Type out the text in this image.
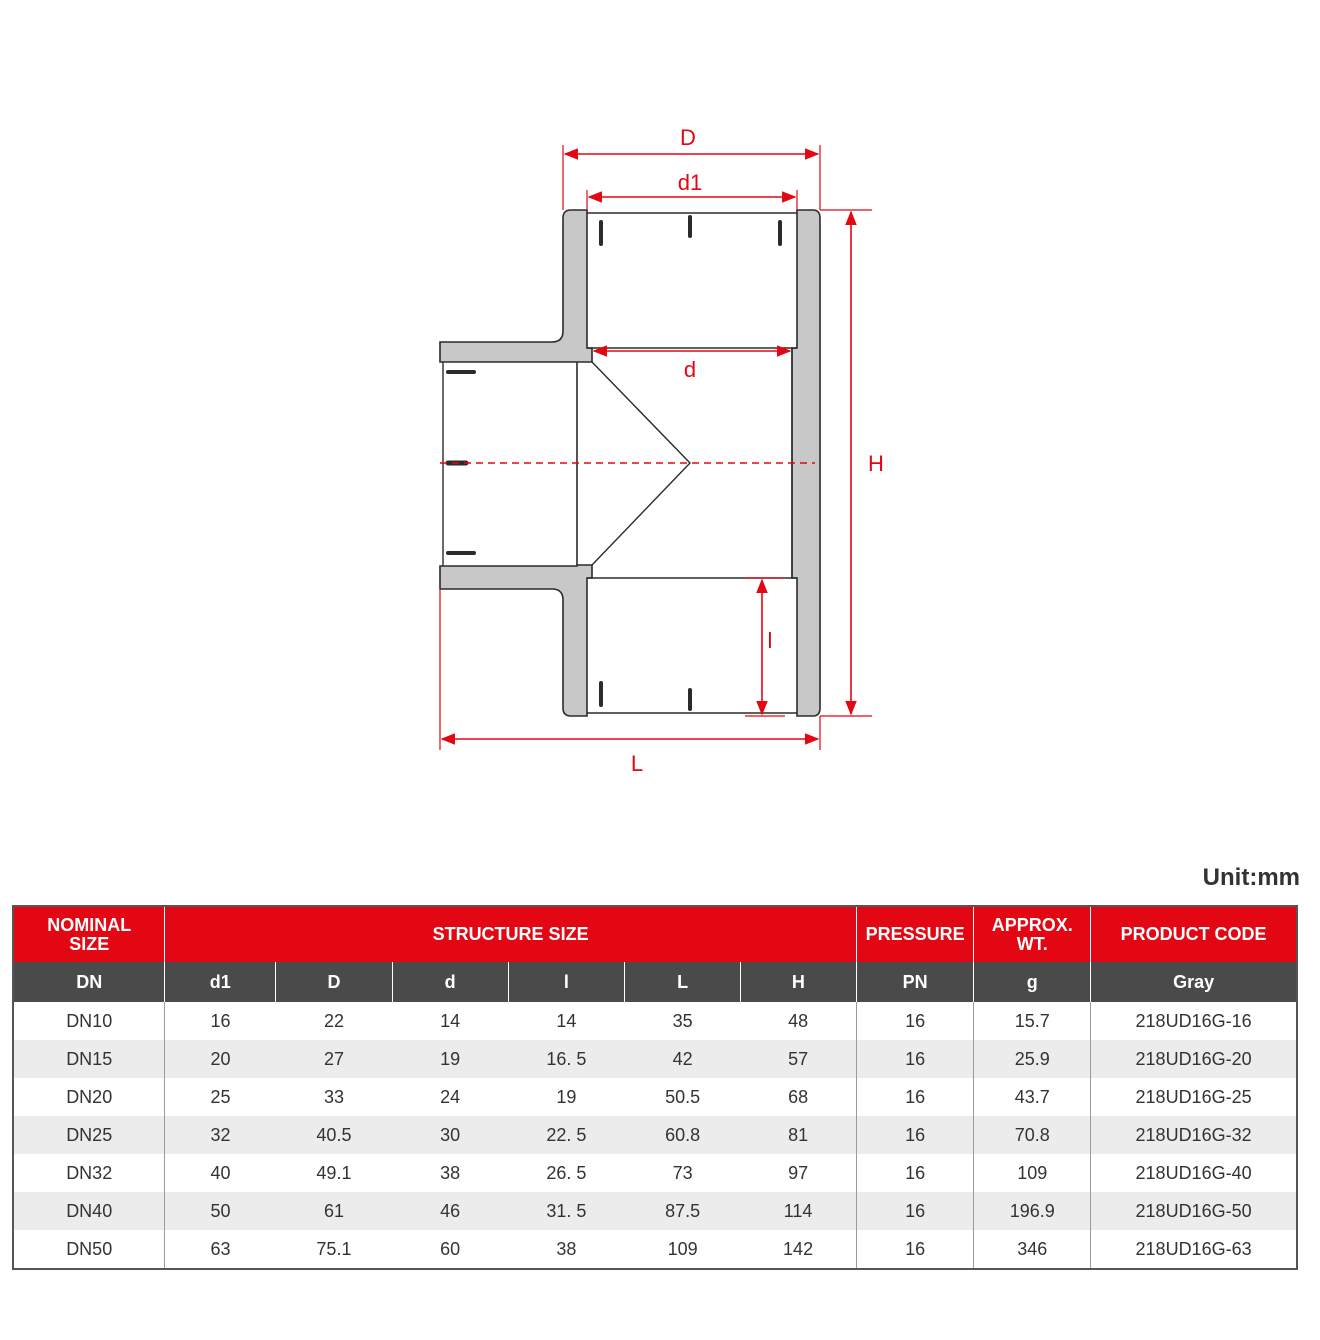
D
d1
d
H
l
L
Unit:mm
NOMINAL SIZE	STRUCTURE SIZE						PRESSURE	APPROX. WT.	PRODUCT CODE
DN	d1	D	d	l	L	H	PN	g	Gray
DN10	16	22	14	14	35	48	16	15.7	218UD16G-16
DN15	20	27	19	16. 5	42	57	16	25.9	218UD16G-20
DN20	25	33	24	19	50.5	68	16	43.7	218UD16G-25
DN25	32	40.5	30	22. 5	60.8	81	16	70.8	218UD16G-32
DN32	40	49.1	38	26. 5	73	97	16	109	218UD16G-40
DN40	50	61	46	31. 5	87.5	114	16	196.9	218UD16G-50
DN50	63	75.1	60	38	109	142	16	346	218UD16G-63
